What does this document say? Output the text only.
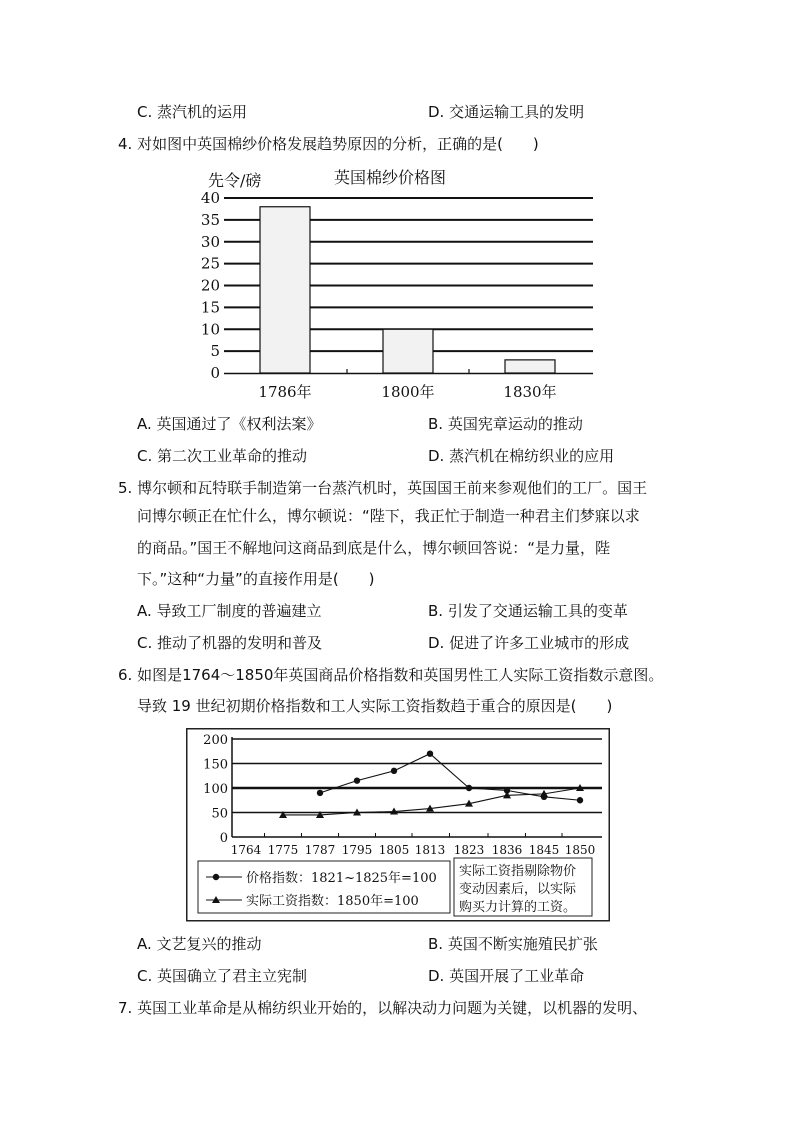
C. 蒸汽机的运用	D. 交通运输工具的发明
4. 对如图中英国棉纱价格发展趋势原因的分析，正确的是(　　)
先令/磅	英国棉纱价格图
0
5
10
15
20
25
30
35
40
1786年	1800年	1830年
A. 英国通过了《权利法案》	B. 英国宪章运动的推动
C. 第二次工业革命的推动	D. 蒸汽机在棉纺织业的应用
5. 博尔顿和瓦特联手制造第一台蒸汽机时，英国国王前来参观他们的工厂。国王
问博尔顿正在忙什么，博尔顿说：“陛下，我正忙于制造一种君主们梦寐以求
的商品。”国王不解地问这商品到底是什么，博尔顿回答说：“是力量，陛
下。”这种“力量”的直接作用是(　　)
A. 导致工厂制度的普遍建立	B. 引发了交通运输工具的变革
C. 推动了机器的发明和普及	D. 促进了许多工业城市的形成
6. 如图是1764～1850年英国商品价格指数和英国男性工人实际工资指数示意图。
导致 19 世纪初期价格指数和工人实际工资指数趋于重合的原因是(　　)
50
100
150
200
0
1764 1775 1787 1795 1805 1813 1823 1836 1845 1850
价格指数：1821~1825年=100
实际工资指数：1850年=100
实际工资指剔除物价
变动因素后，以实际
购买力计算的工资。
A. 文艺复兴的推动	B. 英国不断实施殖民扩张
C. 英国确立了君主立宪制	D. 英国开展了工业革命
7. 英国工业革命是从棉纺织业开始的，以解决动力问题为关键，以机器的发明、
